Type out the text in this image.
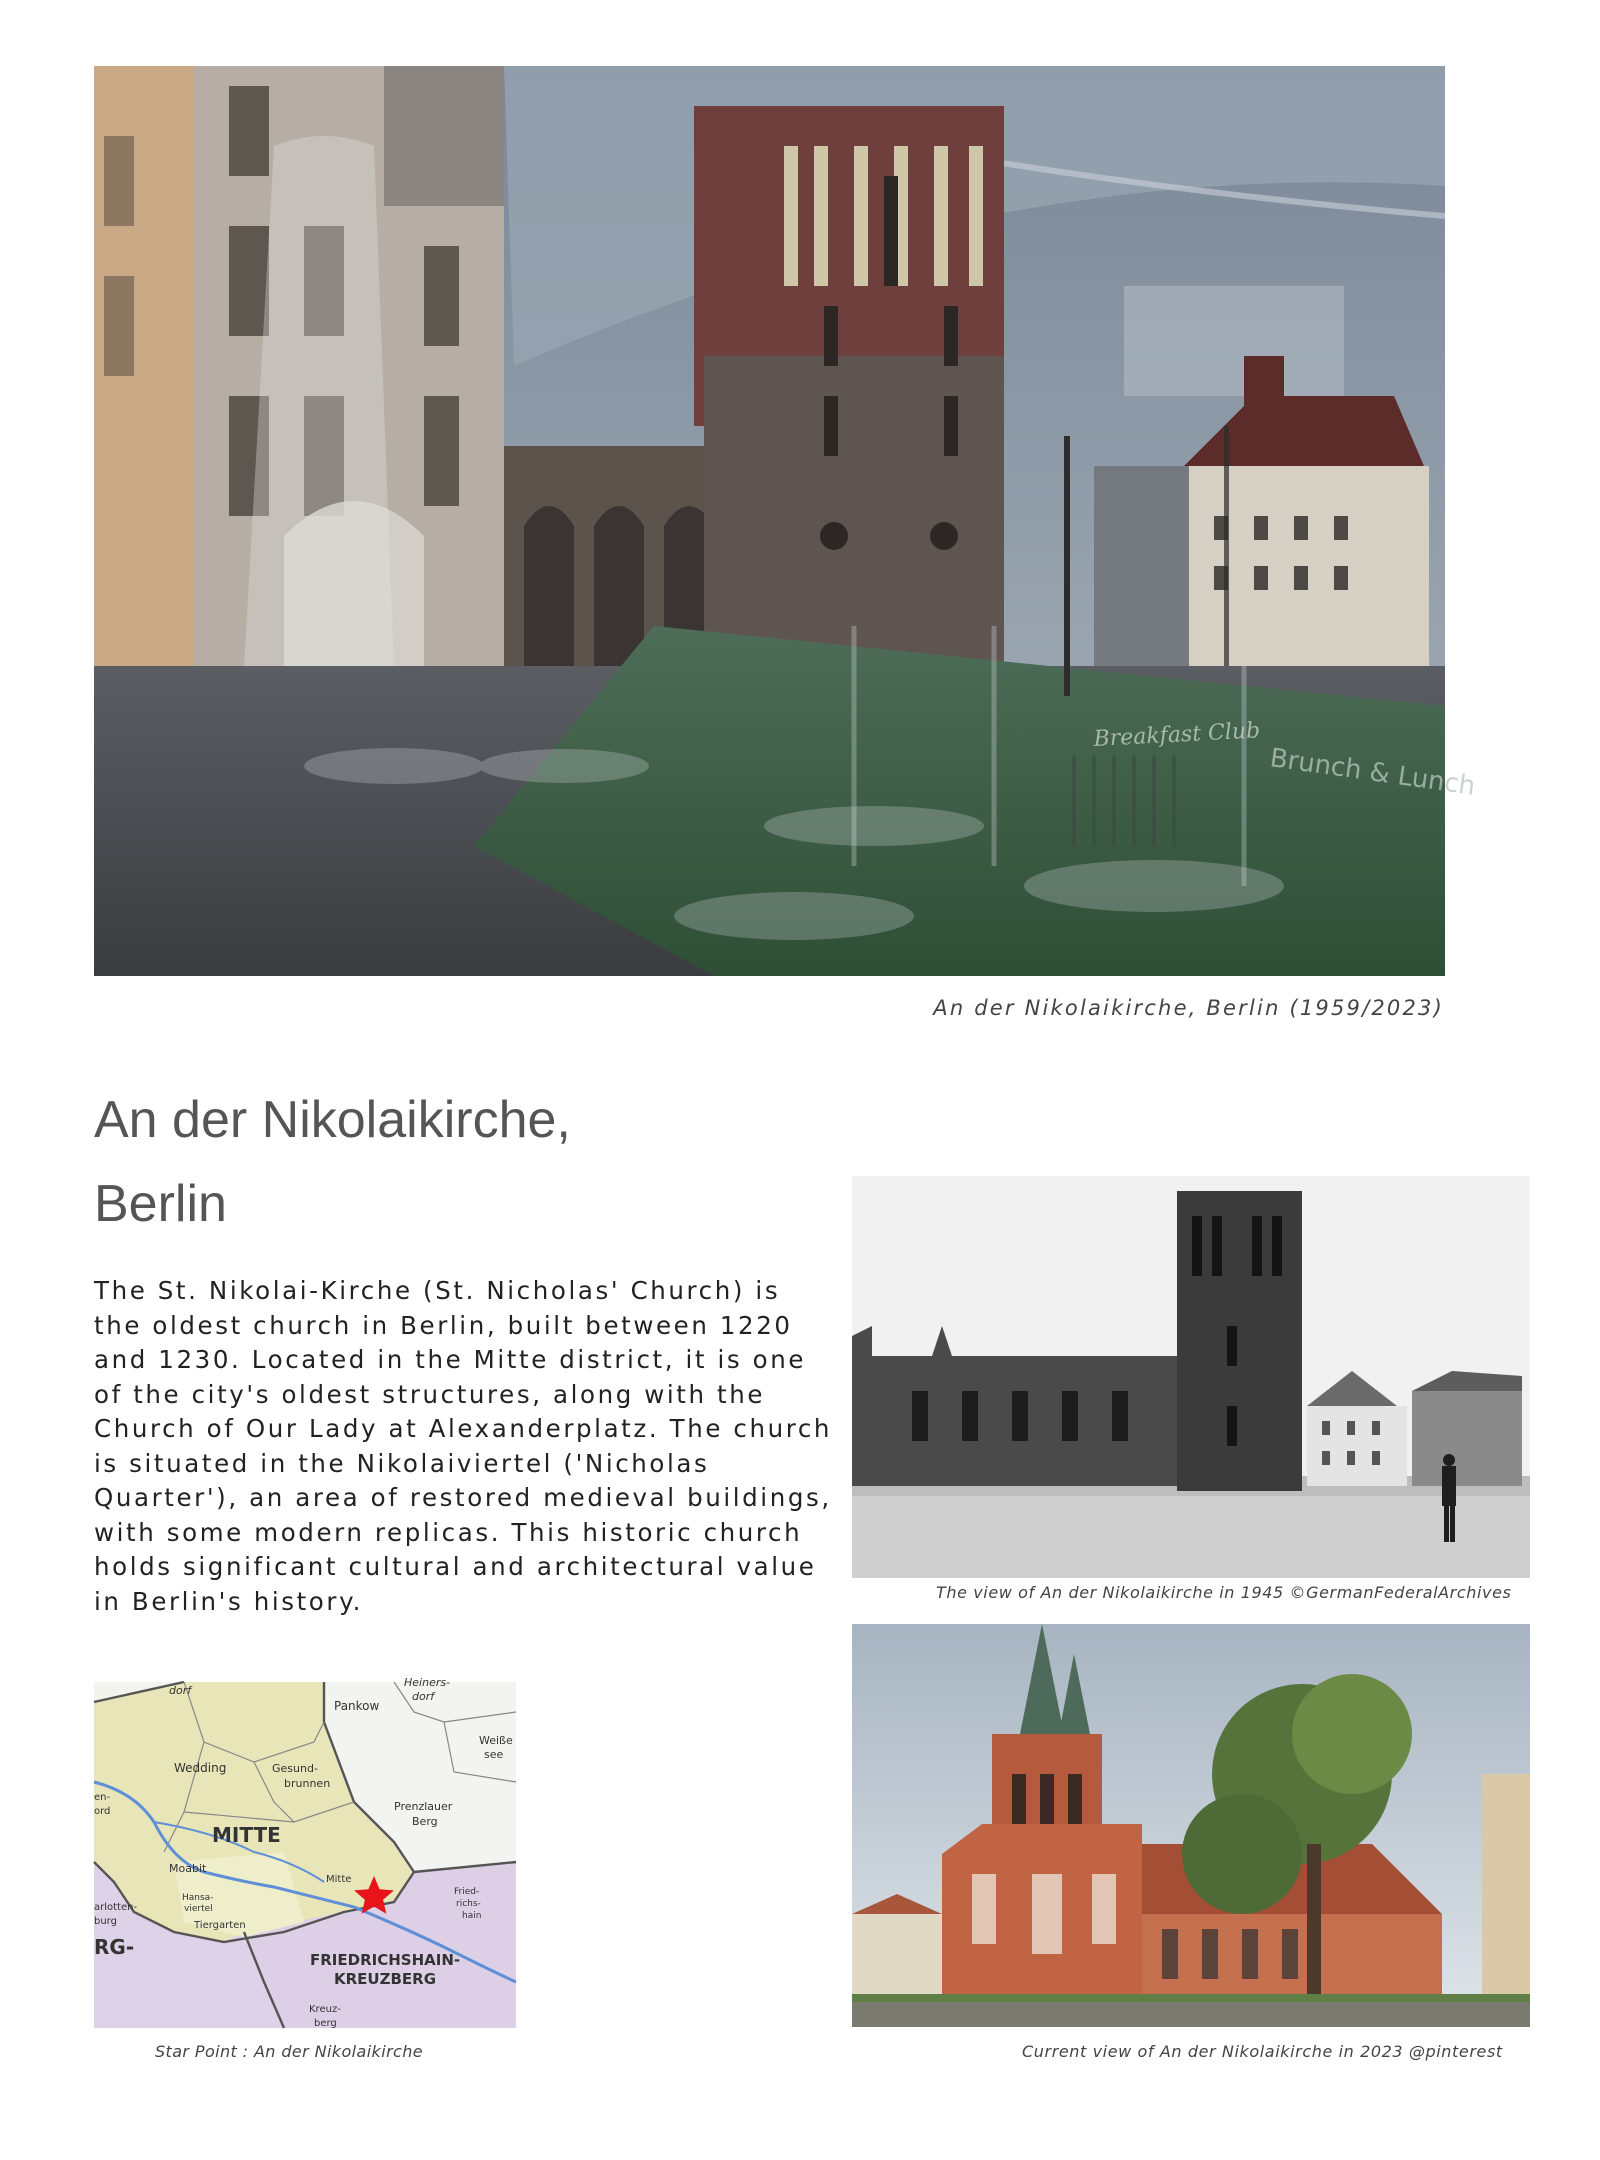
Breakfast Club
Brunch & Lunch
An der Nikolaikirche, Berlin (1959/2023)
An der Nikolaikirche,
Berlin

The St. Nikolai-Kirche (St. Nicholas' Church) is the oldest church in Berlin, built between 1220 and 1230. Located in the Mitte district, it is one of the city's oldest structures, along with the Church of Our Lady at Alexanderplatz. The church is situated in the Nikolaiviertel ('Nicholas Quarter'), an area of restored medieval buildings, with some modern replicas. This historic church holds significant cultural and architectural value in Berlin's history.	The view of An der Nikolaikirche in 1945 ©GermanFederalArchives
Current view of An der Nikolaikirche in 2023 @pinterest
dorf
Heiners-
dorf
Pankow
Weiße
see
Wedding	Gesund-
brunnen
en-
ord	Prenzlauer
Berg
MITTE
Moabit
Mitte
Hansa-
viertel
Tiergarten
Fried-
richs-
hain
arlotten-
burg
RG-
FRIEDRICHSHAIN-
KREUZBERG
Kreuz-
berg
Star Point : An der Nikolaikirche
